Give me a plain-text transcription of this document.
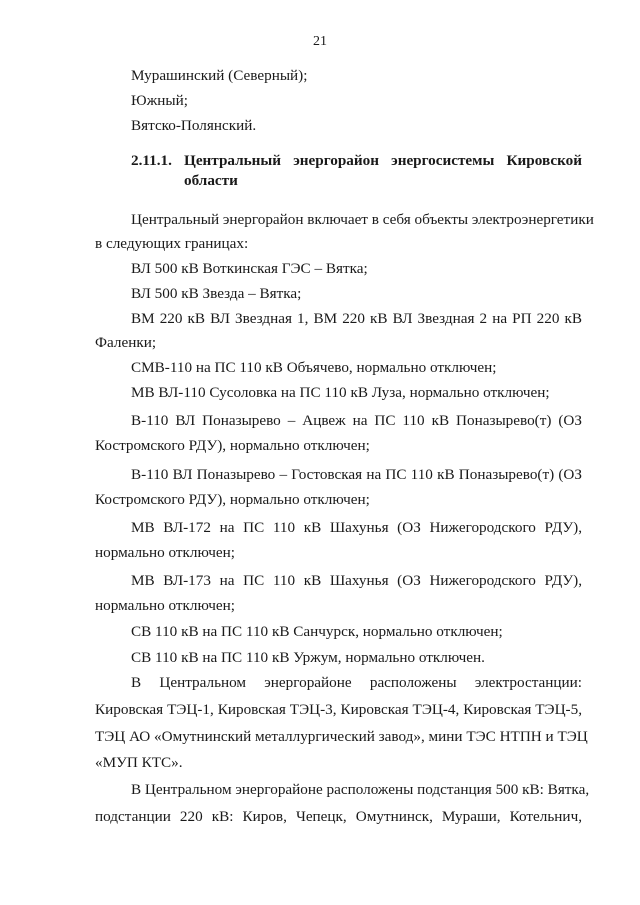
21
Мурашинский (Северный);
Южный;
Вятско-Полянский.
2.11.1. Центральный энергорайон энергосистемы Кировской
области
Центральный энергорайон включает в себя объекты электроэнергетики
в следующих границах:
ВЛ 500 кВ Воткинская ГЭС – Вятка;
ВЛ 500 кВ Звезда – Вятка;
ВМ 220 кВ ВЛ Звездная 1, ВМ 220 кВ ВЛ Звездная 2 на РП 220 кВ
Фаленки;
СМВ-110 на ПС 110 кВ Объячево, нормально отключен;
МВ ВЛ-110 Сусоловка на ПС 110 кВ Луза, нормально отключен;
В-110 ВЛ Поназырево – Ацвеж на ПС 110 кВ Поназырево(т) (ОЗ
Костромского РДУ), нормально отключен;
В-110 ВЛ Поназырево – Гостовская на ПС 110 кВ Поназырево(т) (ОЗ
Костромского РДУ), нормально отключен;
МВ ВЛ-172 на ПС 110 кВ Шахунья (ОЗ Нижегородского РДУ),
нормально отключен;
МВ ВЛ-173 на ПС 110 кВ Шахунья (ОЗ Нижегородского РДУ),
нормально отключен;
СВ 110 кВ на ПС 110 кВ Санчурск, нормально отключен;
СВ 110 кВ на ПС 110 кВ Уржум, нормально отключен.
В Центральном энергорайоне расположены электростанции:
Кировская ТЭЦ-1, Кировская ТЭЦ-3, Кировская ТЭЦ-4, Кировская ТЭЦ-5,
ТЭЦ АО «Омутнинский металлургический завод», мини ТЭС НТПН и ТЭЦ
«МУП КТС».
В Центральном энергорайоне расположены подстанция 500 кВ: Вятка,
подстанции 220 кВ: Киров, Чепецк, Омутнинск, Мураши, Котельнич,
